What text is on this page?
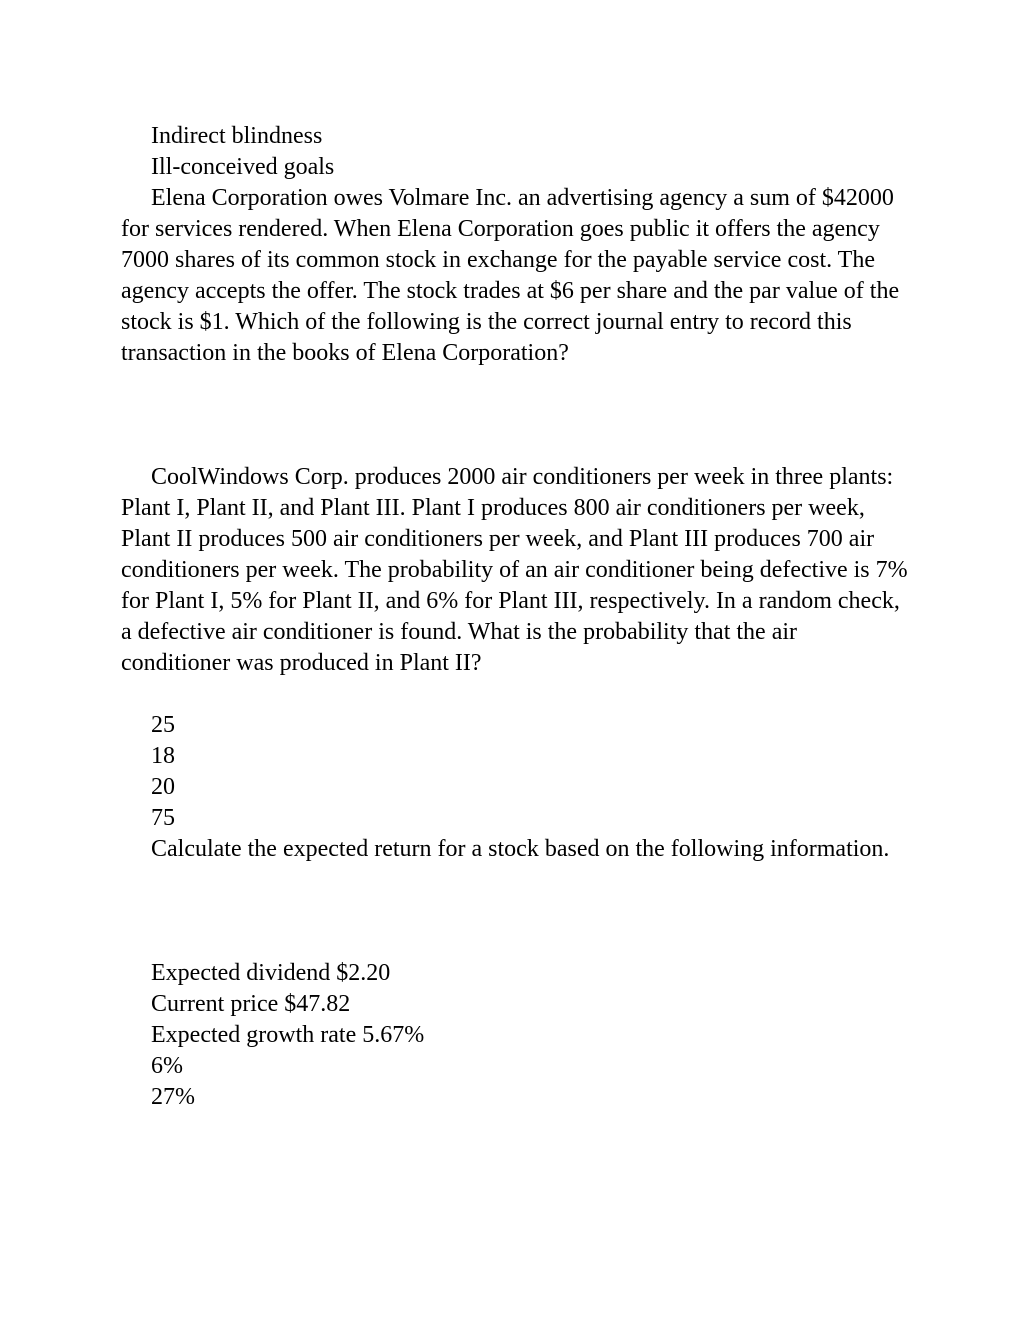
Indirect blindness

Ill-conceived goals

Elena Corporation owes Volmare Inc. an advertising agency a sum of $42000 for services rendered. When Elena Corporation goes public it offers the agency 7000 shares of its common stock in exchange for the payable service cost. The agency accepts the offer. The stock trades at $6 per share and the par value of the stock is $1. Which of the following is the correct journal entry to record this transaction in the books of Elena Corporation?

CoolWindows Corp. produces 2000 air conditioners per week in three plants: Plant I, Plant II, and Plant III. Plant I produces 800 air conditioners per week, Plant II produces 500 air conditioners per week, and Plant III produces 700 air conditioners per week. The probability of an air conditioner being defective is 7% for Plant I, 5% for Plant II, and 6% for Plant III, respectively. In a random check, a defective air conditioner is found. What is the probability that the air conditioner was produced in Plant II?

25

18

20

75

Calculate the expected return for a stock based on the following information.

Expected dividend $2.20

Current price $47.82

Expected growth rate 5.67%

6%

27%
